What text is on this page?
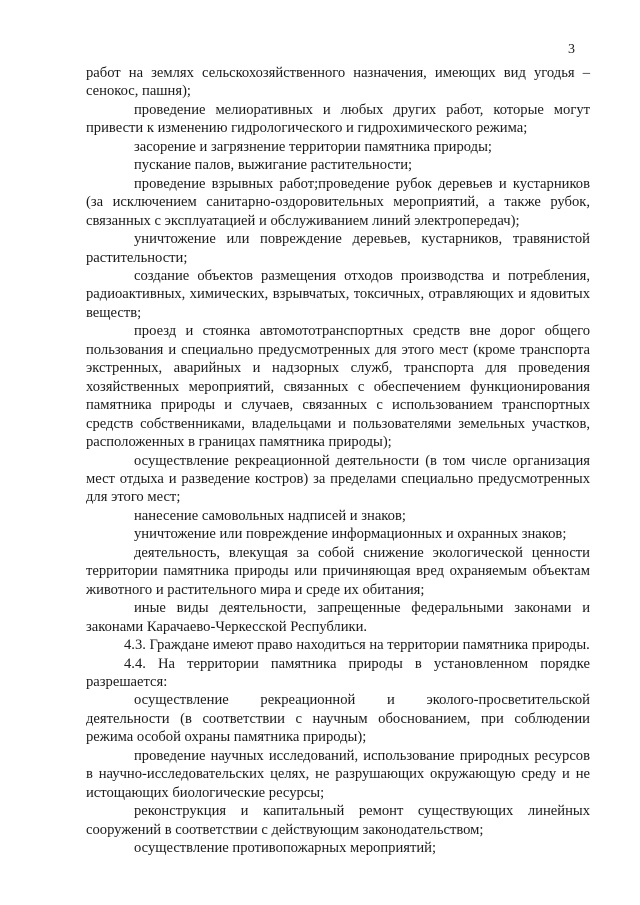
3

работ на землях сельскохозяйственного назначения, имеющих вид угодья – сенокос, пашня);

проведение мелиоративных и любых других работ, которые могут привести к изменению гидрологического и гидрохимического режима;

засорение и загрязнение территории памятника природы;

пускание палов, выжигание растительности;

проведение взрывных работ;проведение рубок деревьев и кустарников (за исключением санитарно-оздоровительных мероприятий, а также рубок, связанных с эксплуатацией и обслуживанием линий электропередач);

уничтожение или повреждение деревьев, кустарников, травянистой растительности;

создание объектов размещения отходов производства и потребления, радиоактивных, химических, взрывчатых, токсичных, отравляющих и ядовитых веществ;

проезд и стоянка автомототранспортных средств вне дорог общего пользования и специально предусмотренных для этого мест (кроме транспорта экстренных, аварийных и надзорных служб, транспорта для проведения хозяйственных мероприятий, связанных с обеспечением функционирования памятника природы и случаев, связанных с использованием транспортных средств собственниками, владельцами и пользователями земельных участков, расположенных в границах памятника природы);

осуществление рекреационной деятельности (в том числе организация мест отдыха и разведение костров) за пределами специально предусмотренных для этого мест;

нанесение самовольных надписей и знаков;

уничтожение или повреждение информационных и охранных знаков;

деятельность, влекущая за собой снижение экологической ценности территории памятника природы или причиняющая вред охраняемым объектам животного и растительного мира и среде их обитания;

иные виды деятельности, запрещенные федеральными законами и законами Карачаево-Черкесской Республики.

4.3. Граждане имеют право находиться на территории памятника природы.

4.4. На территории памятника природы в установленном порядке разрешается:

осуществление рекреационной и эколого-просветительской деятельности (в соответствии с научным обоснованием, при соблюдении режима особой охраны памятника природы);

проведение научных исследований, использование природных ресурсов в научно-исследовательских целях, не разрушающих окружающую среду и не истощающих биологические ресурсы;

реконструкция и капитальный ремонт существующих линейных сооружений в соответствии с действующим законодательством;

осуществление противопожарных мероприятий;
